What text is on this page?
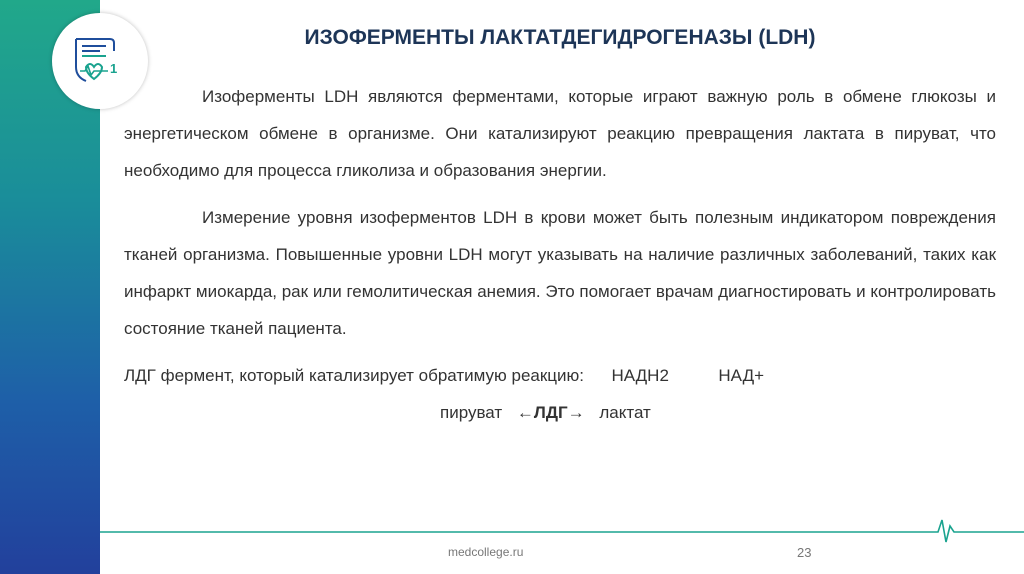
1
ИЗОФЕРМЕНТЫ ЛАКТАТДЕГИДРОГЕНАЗЫ (LDH)

Изоферменты LDH являются ферментами, которые играют важную роль в обмене глюкозы и энергетическом обмене в организме. Они катализируют реакцию превращения лактата в пируват, что необходимо для процесса гликолиза и образования энергии.

Измерение уровня изоферментов LDH в крови может быть полезным индикатором повреждения тканей организма. Повышенные уровни LDH могут указывать на наличие различных заболеваний, таких как инфаркт миокарда, рак или гемолитическая анемия. Это помогает врачам диагностировать и контролировать состояние тканей пациента.

ЛДГ фермент, который катализирует обратимую реакцию: НАДН2	НАД+

пируват ←ЛДГ→ лактат
medcollege.ru	23
